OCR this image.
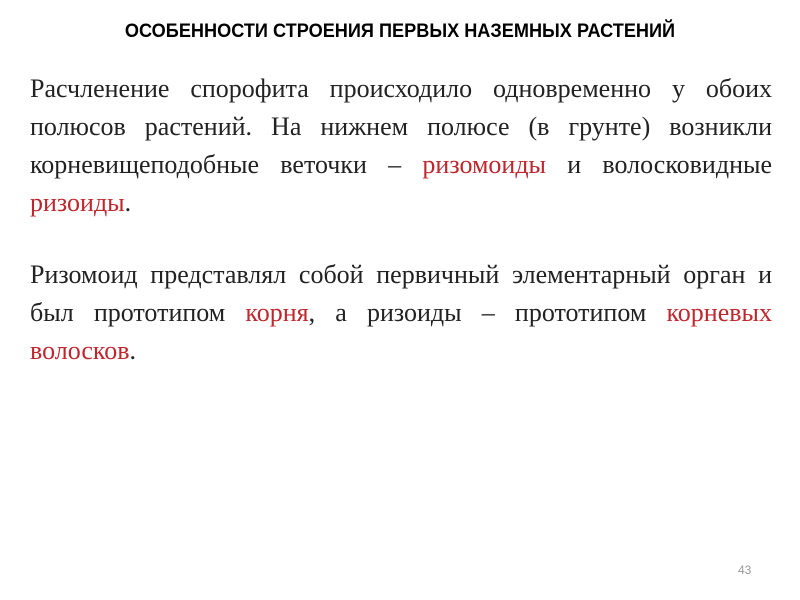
ОСОБЕННОСТИ СТРОЕНИЯ ПЕРВЫХ НАЗЕМНЫХ РАСТЕНИЙ
Расчленение спорофита происходило одновременно у обоих полюсов растений. На нижнем полюсе (в грунте) возникли корневищеподобные веточки – ризомоиды и волосковидные ризоиды.
Ризомоид представлял собой первичный элементарный орган и был прототипом корня, а ризоиды – прототипом корневых волосков.
43
